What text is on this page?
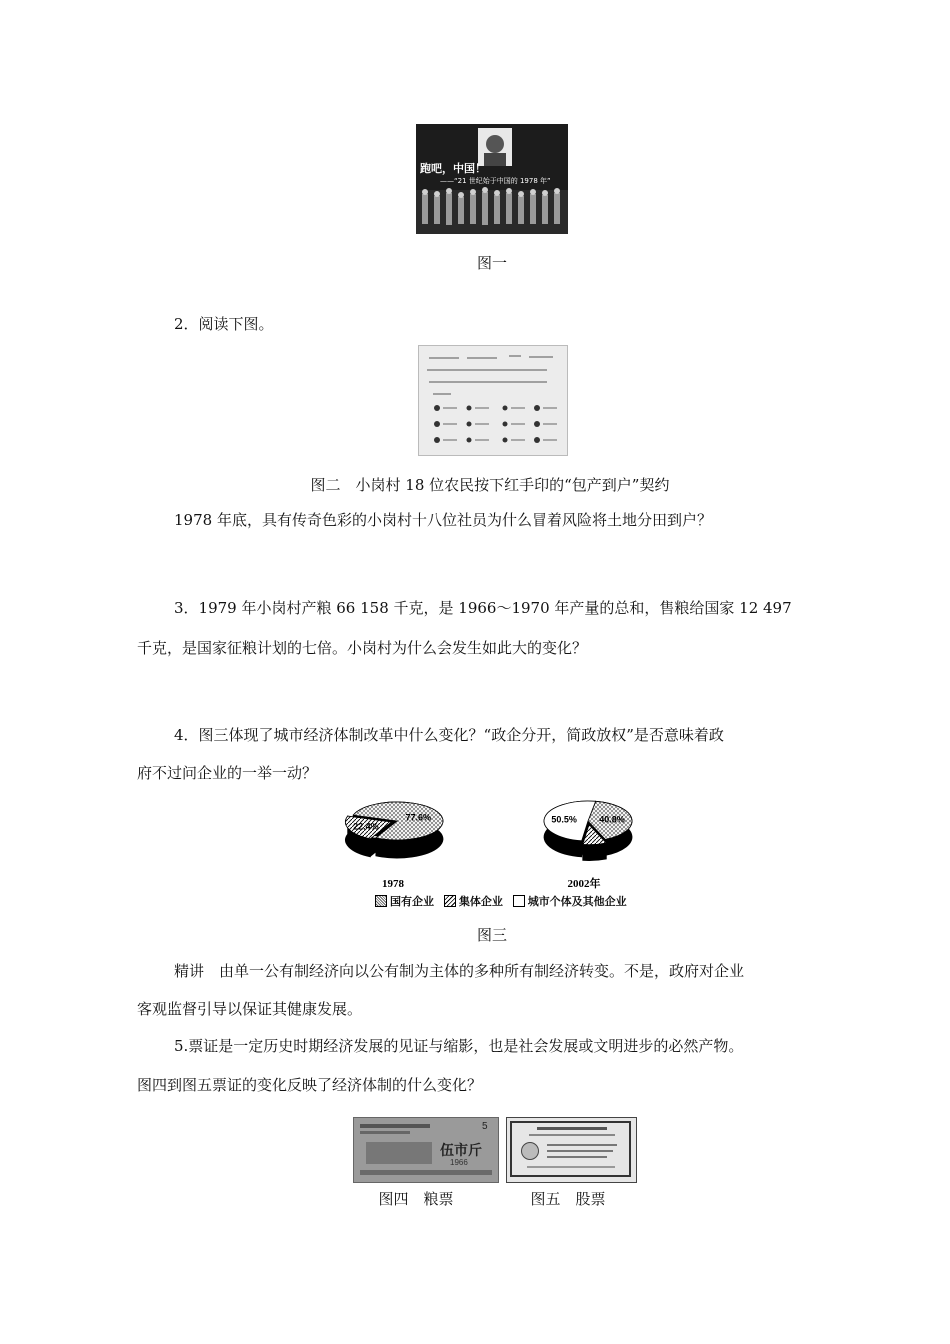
跑吧，中国！
——“21 世纪始于中国的 1978 年”
图一
2．阅读下图。
图二　小岗村 18 位农民按下红手印的“包产到户”契约
1978 年底，具有传奇色彩的小岗村十八位社员为什么冒着风险将土地分田到户？
3．1979 年小岗村产粮 66 158 千克，是 1966～1970 年产量的总和，售粮给国家 12 497
千克，是国家征粮计划的七倍。小岗村为什么会发生如此大的变化？
4．图三体现了城市经济体制改革中什么变化？“政企分开，简政放权”是否意味着政
府不过问企业的一举一动？
77.6%
22.4%
40.8%
8.7%
50.5%
1978	2002年
国有企业
集体企业
城市个体及其他企业
图三
精讲　由单一公有制经济向以公有制为主体的多种所有制经济转变。不是，政府对企业
客观监督引导以保证其健康发展。
5.票证是一定历史时期经济发展的见证与缩影，也是社会发展或文明进步的必然产物。
图四到图五票证的变化反映了经济体制的什么变化？
5
伍市斤
1966
图四　粮票	图五　股票
